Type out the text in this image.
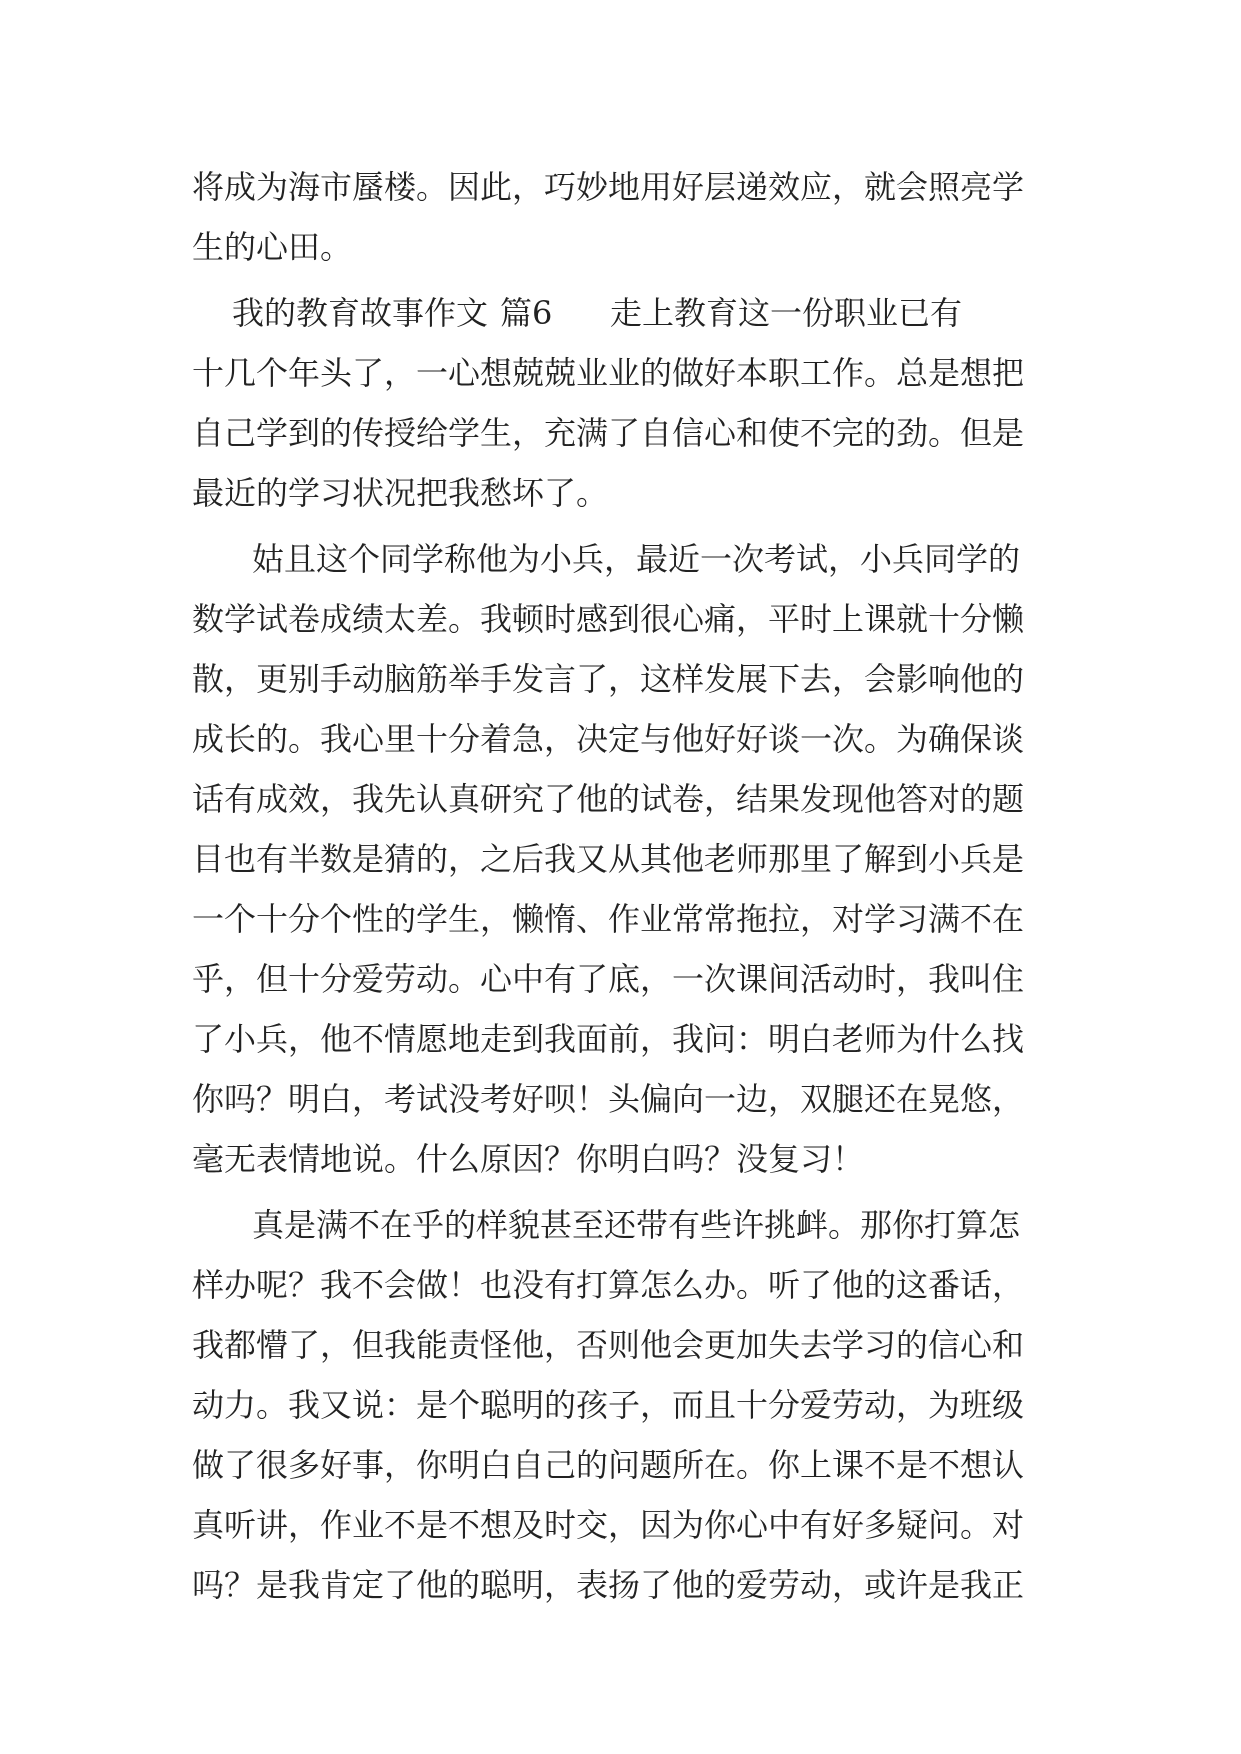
将成为海市蜃楼。因此，巧妙地用好层递效应，就会照亮学
生的心田。
我的教育故事作文 篇6 走上教育这一份职业已有
十几个年头了，一心想兢兢业业的做好本职工作。总是想把
自己学到的传授给学生，充满了自信心和使不完的劲。但是
最近的学习状况把我愁坏了。
姑且这个同学称他为小兵，最近一次考试，小兵同学的
数学试卷成绩太差。我顿时感到很心痛，平时上课就十分懒
散，更别手动脑筋举手发言了，这样发展下去，会影响他的
成长的。我心里十分着急，决定与他好好谈一次。为确保谈
话有成效，我先认真研究了他的试卷，结果发现他答对的题
目也有半数是猜的，之后我又从其他老师那里了解到小兵是
一个十分个性的学生，懒惰、作业常常拖拉，对学习满不在
乎，但十分爱劳动。心中有了底，一次课间活动时，我叫住
了小兵，他不情愿地走到我面前，我问：明白老师为什么找
你吗？明白，考试没考好呗！头偏向一边，双腿还在晃悠，
毫无表情地说。什么原因？你明白吗？没复习！
真是满不在乎的样貌甚至还带有些许挑衅。那你打算怎
样办呢？我不会做！也没有打算怎么办。听了他的这番话，
我都懵了，但我能责怪他，否则他会更加失去学习的信心和
动力。我又说：是个聪明的孩子，而且十分爱劳动，为班级
做了很多好事，你明白自己的问题所在。你上课不是不想认
真听讲，作业不是不想及时交，因为你心中有好多疑问。对
吗？是我肯定了他的聪明，表扬了他的爱劳动，或许是我正
